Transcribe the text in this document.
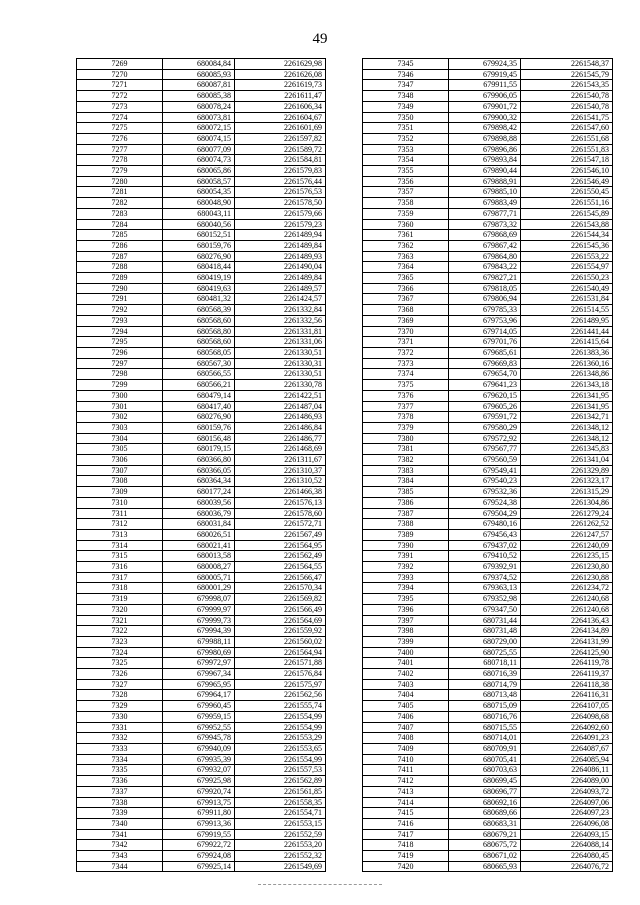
49
7269	680084,84	2261629,98
7270	680085,93	2261626,08
7271	680087,81	2261619,73
7272	680085,38	2261611,47
7273	680078,24	2261606,34
7274	680073,81	2261604,67
7275	680072,15	2261601,69
7276	680074,15	2261597,82
7277	680077,09	2261589,72
7278	680074,73	2261584,81
7279	680065,86	2261579,83
7280	680058,57	2261576,44
7281	680054,35	2261576,53
7282	680048,90	2261578,50
7283	680043,11	2261579,66
7284	680040,56	2261579,23
7285	680152,51	2261489,94
7286	680159,76	2261489,84
7287	680276,90	2261489,93
7288	680418,44	2261490,04
7289	680419,19	2261489,84
7290	680419,63	2261489,57
7291	680481,32	2261424,57
7292	680568,39	2261332,84
7293	680568,60	2261332,56
7294	680568,80	2261331,81
7295	680568,60	2261331,06
7296	680568,05	2261330,51
7297	680567,30	2261330,31
7298	680566,55	2261330,51
7299	680566,21	2261330,78
7300	680479,14	2261422,51
7301	680417,40	2261487,04
7302	680276,90	2261486,93
7303	680159,76	2261486,84
7304	680156,48	2261486,77
7305	680179,15	2261468,69
7306	680366,80	2261311,67
7307	680366,05	2261310,37
7308	680364,34	2261310,52
7309	680177,24	2261466,38
7310	680039,56	2261576,13
7311	680036,79	2261578,60
7312	680031,84	2261572,71
7313	680026,51	2261567,49
7314	680021,41	2261564,95
7315	680013,58	2261562,49
7316	680008,27	2261564,55
7317	680005,71	2261566,47
7318	680001,29	2261570,34
7319	679998,07	2261569,82
7320	679999,97	2261566,49
7321	679999,73	2261564,69
7322	679994,39	2261559,92
7323	679988,11	2261560,02
7324	679980,69	2261564,94
7325	679972,97	2261571,88
7326	679967,34	2261576,84
7327	679965,95	2261575,97
7328	679964,17	2261562,56
7329	679960,45	2261555,74
7330	679959,15	2261554,99
7331	679952,55	2261554,99
7332	679945,78	2261553,29
7333	679940,09	2261553,65
7334	679935,39	2261554,99
7335	679932,07	2261557,53
7336	679925,98	2261562,89
7337	679920,74	2261561,85
7338	679913,75	2261558,35
7339	679911,80	2261554,71
7340	679913,36	2261553,15
7341	679919,55	2261552,59
7342	679922,72	2261553,20
7343	679924,08	2261552,32
7344	679925,14	2261549,69
7345	679924,35	2261548,37
7346	679919,45	2261545,79
7347	679911,55	2261543,35
7348	679906,05	2261540,78
7349	679901,72	2261540,78
7350	679900,32	2261541,75
7351	679898,42	2261547,60
7352	679898,88	2261551,68
7353	679896,86	2261551,83
7354	679893,84	2261547,18
7355	679890,44	2261546,10
7356	679888,91	2261546,49
7357	679885,10	2261550,45
7358	679883,49	2261551,16
7359	679877,71	2261545,89
7360	679873,32	2261543,88
7361	679868,69	2261544,34
7362	679867,42	2261545,36
7363	679864,80	2261553,22
7364	679843,22	2261554,97
7365	679827,21	2261550,23
7366	679818,05	2261540,49
7367	679806,94	2261531,84
7368	679785,33	2261514,55
7369	679753,96	2261489,95
7370	679714,05	2261441,44
7371	679701,76	2261415,64
7372	679685,61	2261383,36
7373	679669,83	2261360,16
7374	679654,70	2261348,86
7375	679641,23	2261343,18
7376	679620,15	2261341,95
7377	679605,26	2261341,95
7378	679591,72	2261342,71
7379	679580,29	2261348,12
7380	679572,92	2261348,12
7381	679567,77	2261345,83
7382	679560,59	2261341,04
7383	679549,41	2261329,89
7384	679540,23	2261323,17
7385	679532,36	2261315,29
7386	679524,38	2261304,86
7387	679504,29	2261279,24
7388	679480,16	2261262,52
7389	679456,43	2261247,57
7390	679437,02	2261240,09
7391	679410,52	2261235,15
7392	679392,91	2261230,80
7393	679374,52	2261230,88
7394	679363,13	2261234,72
7395	679352,98	2261240,68
7396	679347,50	2261240,68
7397	680731,44	2264136,43
7398	680731,48	2264134,89
7399	680729,00	2264131,99
7400	680725,55	2264125,90
7401	680718,11	2264119,78
7402	680716,39	2264119,37
7403	680714,79	2264118,38
7404	680713,48	2264116,31
7405	680715,09	2264107,05
7406	680716,76	2264098,68
7407	680715,55	2264092,60
7408	680714,01	2264091,23
7409	680709,91	2264087,67
7410	680705,41	2264085,94
7411	680703,63	2264086,11
7412	680699,45	2264089,00
7413	680696,77	2264093,72
7414	680692,16	2264097,06
7415	680689,66	2264097,23
7416	680683,31	2264096,08
7417	680679,21	2264093,15
7418	680675,72	2264088,14
7419	680671,02	2264080,45
7420	680665,93	2264076,72
